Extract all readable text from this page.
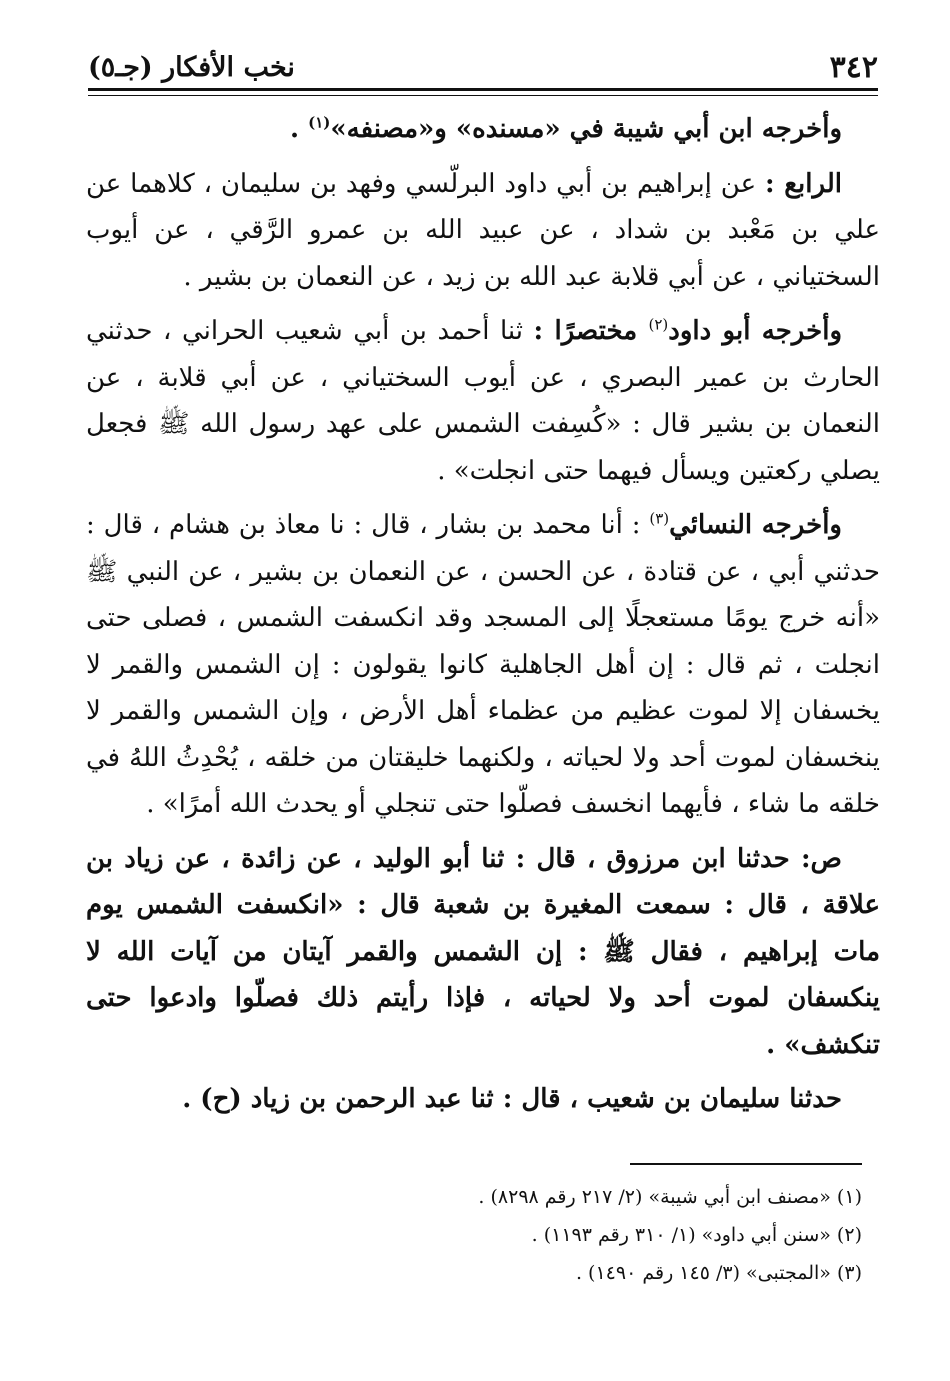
٣٤٢
نخب الأفكار (جـ٥)

وأخرجه ابن أبي شيبة في «مسنده» و«مصنفه»$^{(١)}$ .

الرابع : عن إبراهيم بن أبي داود البرلّسي وفهد بن سليمان ، كلاهما عن علي بن مَعْبد بن شداد ، عن عبيد الله بن عمرو الرَّقي ، عن أيوب السختياني ، عن أبي قلابة عبد الله بن زيد ، عن النعمان بن بشير .

وأخرجه أبو داود$^{(٢)}$ مختصرًا : ثنا أحمد بن أبي شعيب الحراني ، حدثني الحارث بن عمير البصري ، عن أيوب السختياني ، عن أبي قلابة ، عن النعمان بن بشير قال : «كُسِفت الشمس على عهد رسول الله ﷺ فجعل يصلي ركعتين ويسأل فيهما حتى انجلت» .

وأخرجه النسائي$^{(٣)}$ : أنا محمد بن بشار ، قال : نا معاذ بن هشام ، قال : حدثني أبي ، عن قتادة ، عن الحسن ، عن النعمان بن بشير ، عن النبي ﷺ «أنه خرج يومًا مستعجلًا إلى المسجد وقد انكسفت الشمس ، فصلى حتى انجلت ، ثم قال : إن أهل الجاهلية كانوا يقولون : إن الشمس والقمر لا يخسفان إلا لموت عظيم من عظماء أهل الأرض ، وإن الشمس والقمر لا ينخسفان لموت أحد ولا لحياته ، ولكنهما خليقتان من خلقه ، يُحْدِثُ اللهُ في خلقه ما شاء ، فأيهما انخسف فصلّوا حتى تنجلي أو يحدث الله أمرًا» .

ص: حدثنا ابن مرزوق ، قال : ثنا أبو الوليد ، عن زائدة ، عن زياد بن علاقة ، قال : سمعت المغيرة بن شعبة قال : «انكسفت الشمس يوم مات إبراهيم ، فقال ﷺ : إن الشمس والقمر آيتان من آيات الله لا ينكسفان لموت أحد ولا لحياته ، فإذا رأيتم ذلك فصلّوا وادعوا حتى تنكشف» .

حدثنا سليمان بن شعيب ، قال : ثنا عبد الرحمن بن زياد (ح) .

(١) «مصنف ابن أبي شيبة» (٢/ ٢١٧ رقم ٨٢٩٨) .

(٢) «سنن أبي داود» (١/ ٣١٠ رقم ١١٩٣) .

(٣) «المجتبى» (٣/ ١٤٥ رقم ١٤٩٠) .
